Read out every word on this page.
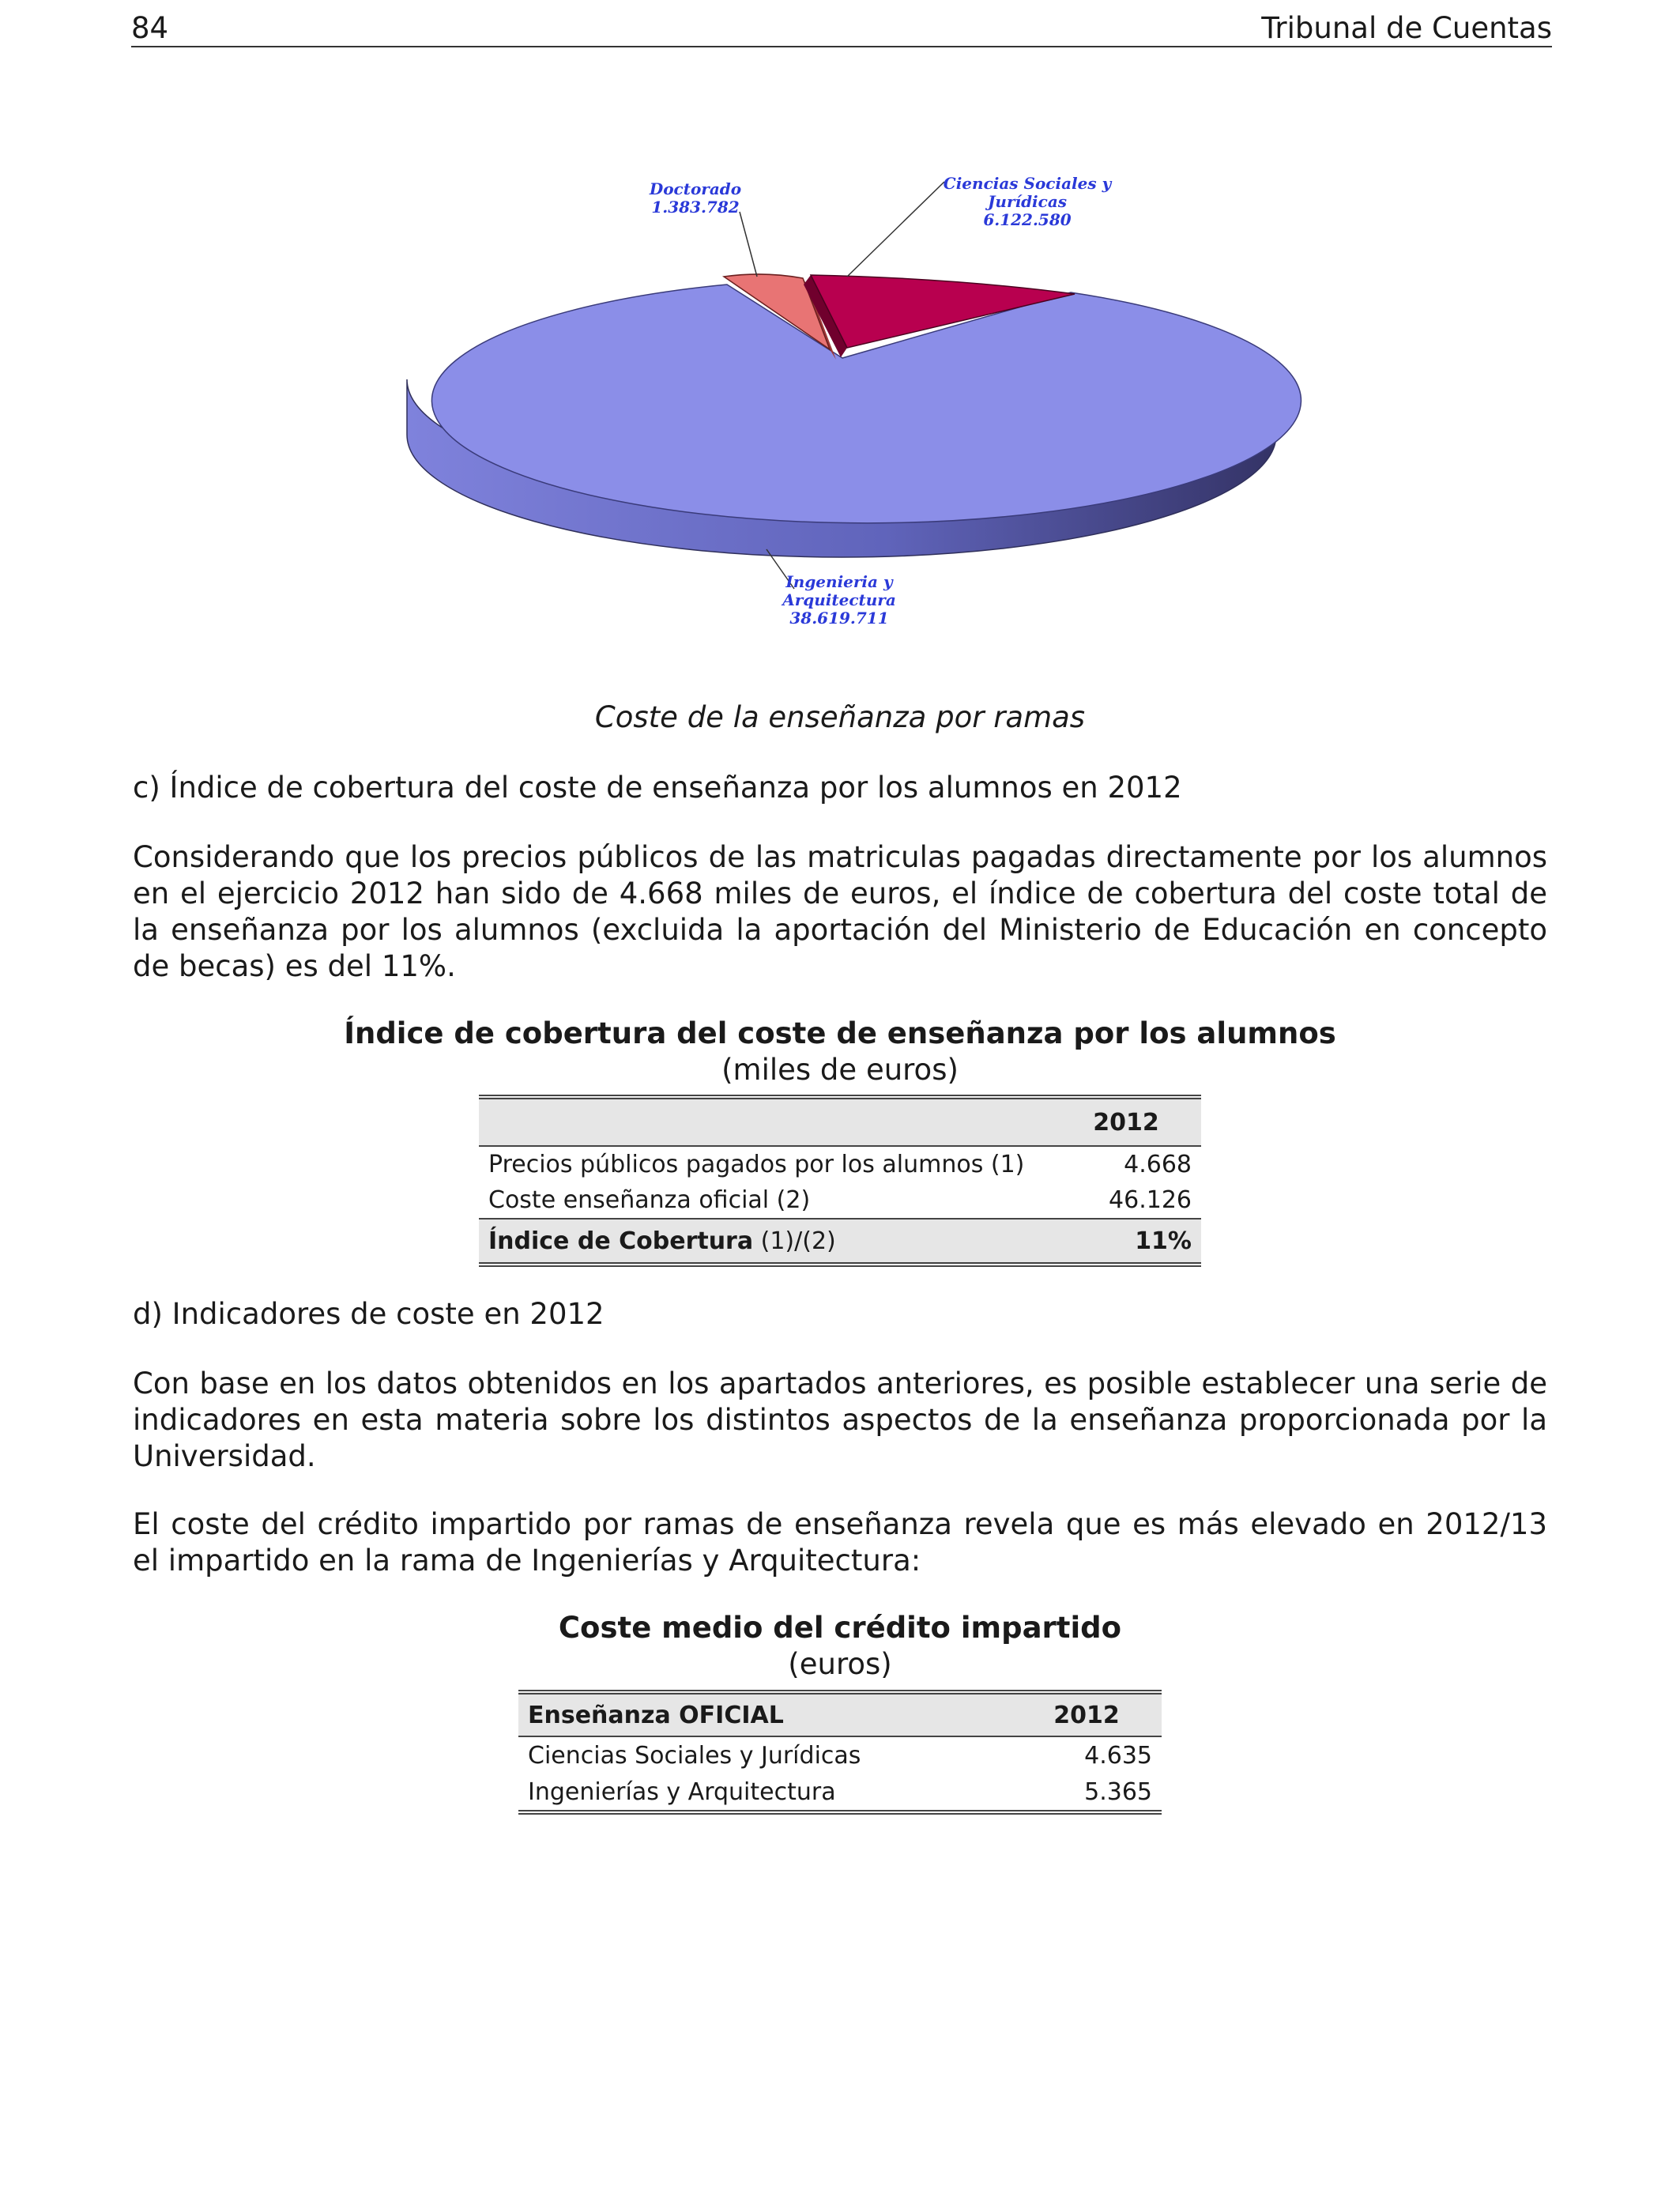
84	Tribunal de Cuentas
Doctorado
1.383.782
Ciencias Sociales y
Jurídicas
6.122.580
Ingenieria y
Arquitectura
38.619.711
Coste de la enseñanza por ramas
c) Índice de cobertura del coste de enseñanza por los alumnos en 2012
Considerando que los precios públicos de las matriculas pagadas directamente por los alumnos en el ejercicio 2012 han sido de 4.668 miles de euros, el índice de cobertura del coste total de la enseñanza por los alumnos (excluida la aportación del Ministerio de Educación en concepto de becas) es del 11%.
Índice de cobertura del coste de enseñanza por los alumnos
(miles de euros)
	2012
Precios públicos pagados por los alumnos (1)	4.668
Coste enseñanza oficial (2)	46.126
Índice de Cobertura (1)/(2)	11%
d) Indicadores de coste en 2012
Con base en los datos obtenidos en los apartados anteriores, es posible establecer una serie de indicadores en esta materia sobre los distintos aspectos de la enseñanza proporcionada por la Universidad.
El coste del crédito impartido por ramas de enseñanza revela que es más elevado en 2012/13 el impartido en la rama de Ingenierías y Arquitectura:
Coste medio del crédito impartido
(euros)
Enseñanza OFICIAL	2012
Ciencias Sociales y Jurídicas	4.635
Ingenierías y Arquitectura	5.365
